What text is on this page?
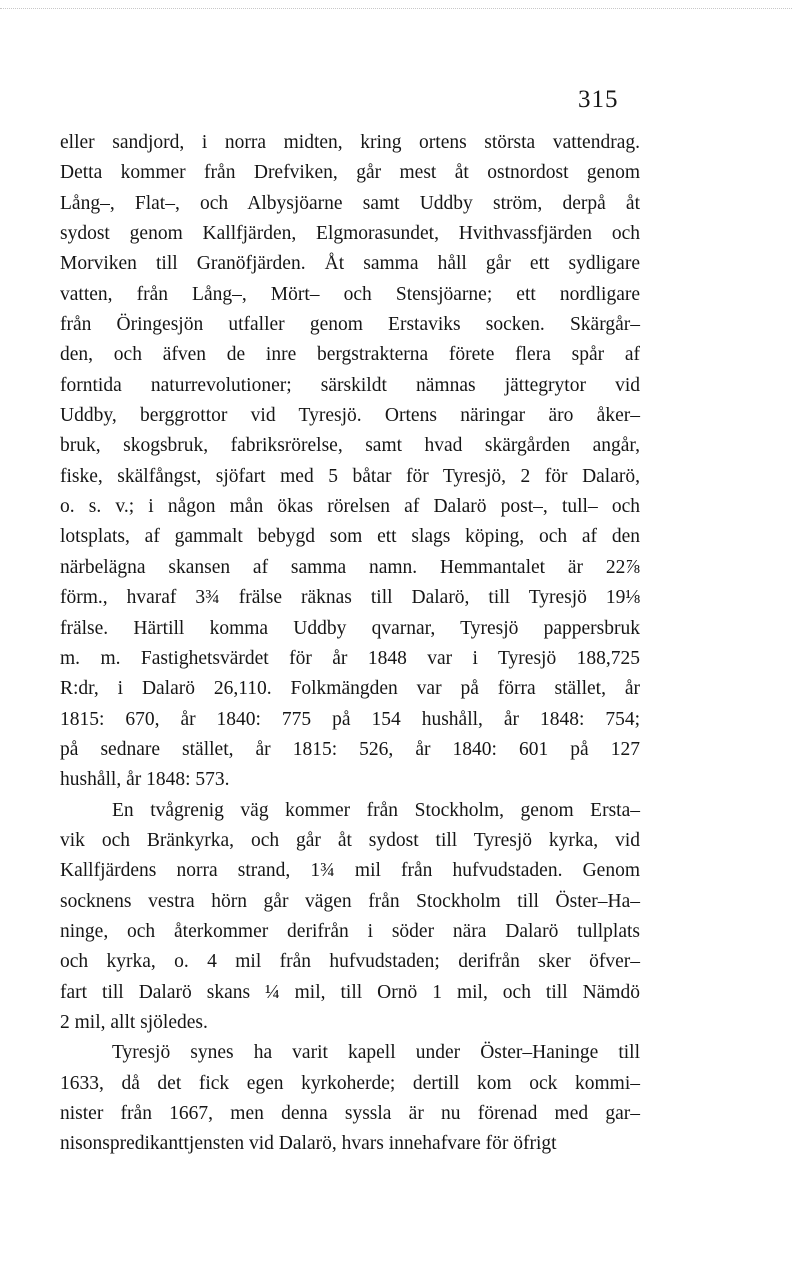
315
eller sandjord, i norra midten, kring ortens största vattendrag.
Detta kommer från Drefviken, går mest åt ostnordost genom
Lång–, Flat–, och Albysjöarne samt Uddby ström, derpå åt
sydost genom Kallfjärden, Elgmorasundet, Hvithvassfjärden och
Morviken till Granöfjärden. Åt samma håll går ett sydligare
vatten, från Lång–, Mört– och Stensjöarne; ett nordligare
från Öringesjön utfaller genom Erstaviks socken. Skärgår–
den, och äfven de inre bergstrakterna förete flera spår af
forntida naturrevolutioner; särskildt nämnas jättegrytor vid
Uddby, berggrottor vid Tyresjö. Ortens näringar äro åker–
bruk, skogsbruk, fabriksrörelse, samt hvad skärgården angår,
fiske, skälfångst, sjöfart med 5 båtar för Tyresjö, 2 för Dalarö,
o. s. v.; i någon mån ökas rörelsen af Dalarö post–, tull– och
lotsplats, af gammalt bebygd som ett slags köping, och af den
närbelägna skansen af samma namn. Hemmantalet är 22⅞
förm., hvaraf 3¾ frälse räknas till Dalarö, till Tyresjö 19⅛
frälse. Härtill komma Uddby qvarnar, Tyresjö pappersbruk
m. m. Fastighetsvärdet för år 1848 var i Tyresjö 188,725
R:dr, i Dalarö 26,110. Folkmängden var på förra stället, år
1815: 670, år 1840: 775 på 154 hushåll, år 1848: 754;
på sednare stället, år 1815: 526, år 1840: 601 på 127
hushåll, år 1848: 573.
En tvågrenig väg kommer från Stockholm, genom Ersta–
vik och Bränkyrka, och går åt sydost till Tyresjö kyrka, vid
Kallfjärdens norra strand, 1¾ mil från hufvudstaden. Genom
socknens vestra hörn går vägen från Stockholm till Öster–Ha–
ninge, och återkommer derifrån i söder nära Dalarö tullplats
och kyrka, o. 4 mil från hufvudstaden; derifrån sker öfver–
fart till Dalarö skans ¼ mil, till Ornö 1 mil, och till Nämdö
2 mil, allt sjöledes.
Tyresjö synes ha varit kapell under Öster–Haninge till
1633, då det fick egen kyrkoherde; dertill kom ock kommi–
nister från 1667, men denna syssla är nu förenad med gar–
nisonspredikanttjensten vid Dalarö, hvars innehafvare för öfrigt
